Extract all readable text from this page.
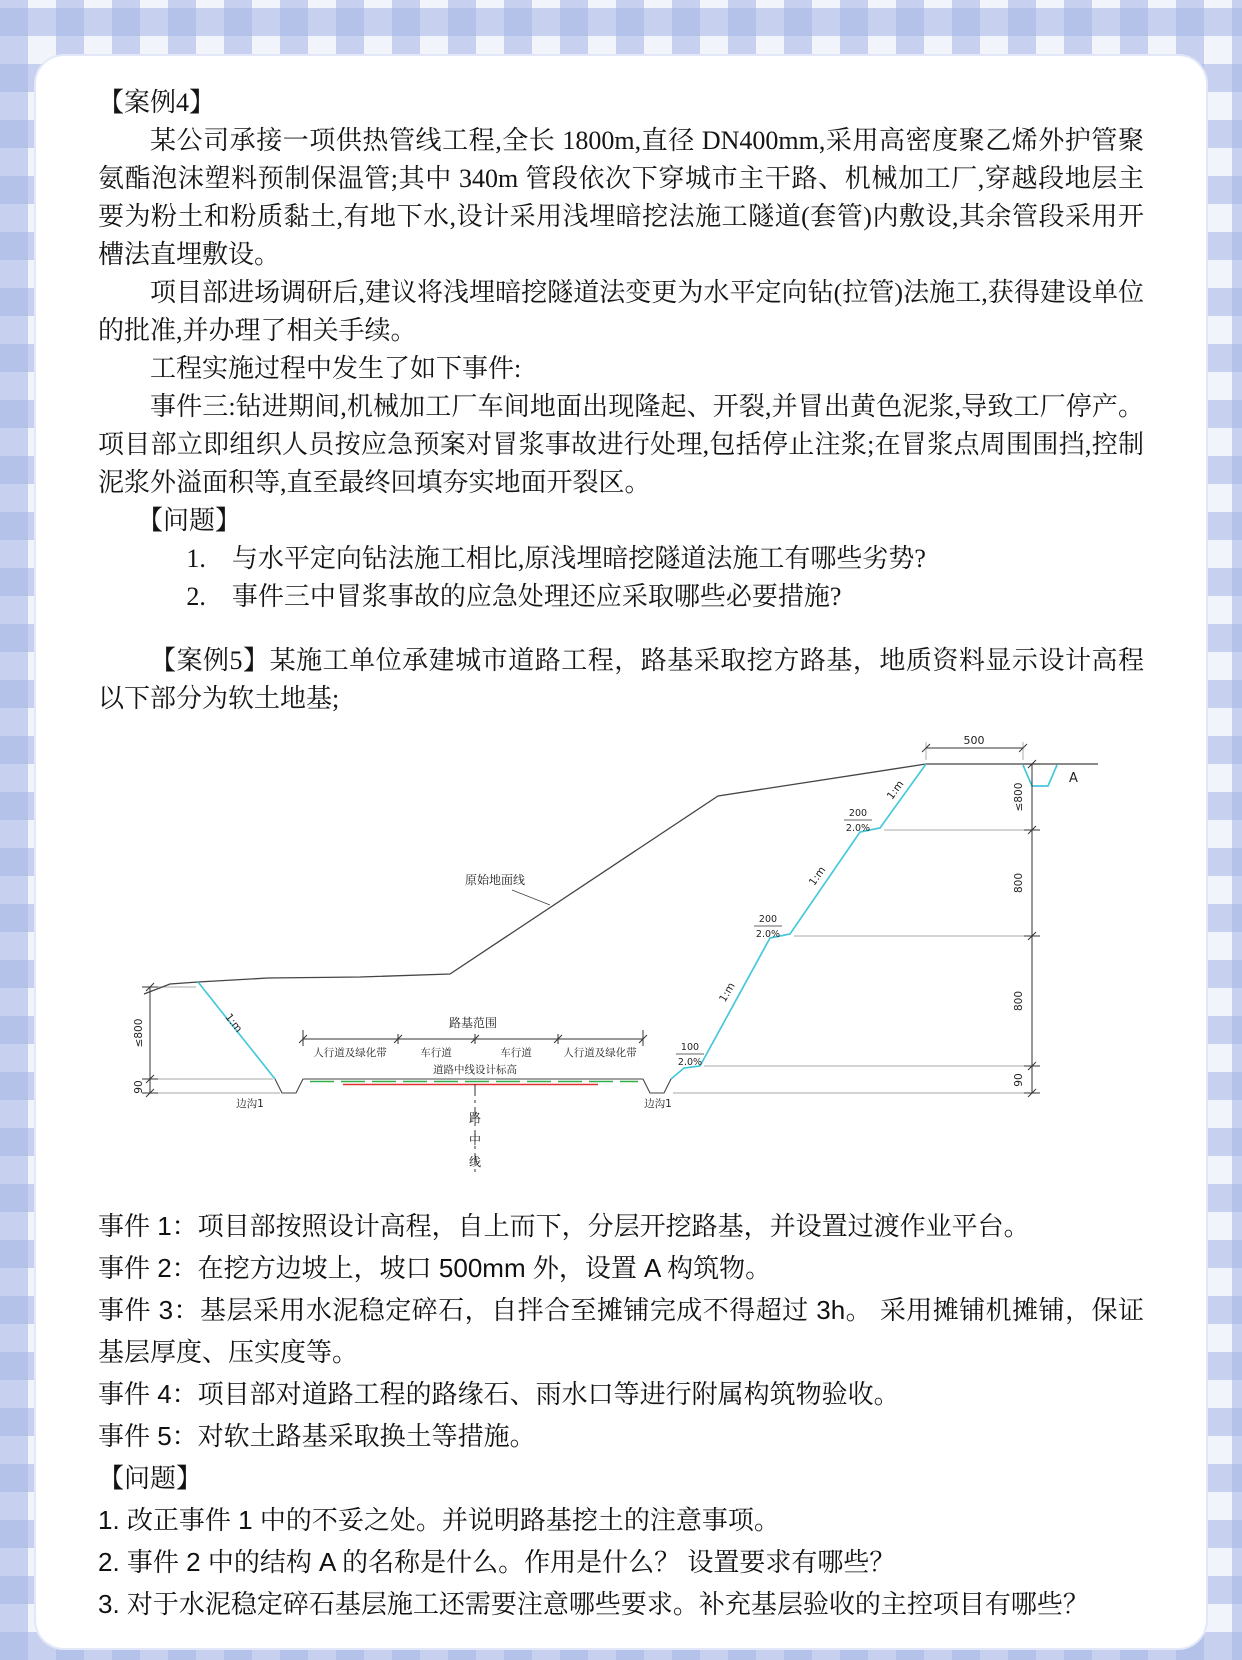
【案例4】

某公司承接一项供热管线工程,全长 1800m,直径 DN400mm,采用高密度聚乙烯外护管聚氨酯泡沫塑料预制保温管;其中 340m 管段依次下穿城市主干路、机械加工厂,穿越段地层主要为粉土和粉质黏土,有地下水,设计采用浅埋暗挖法施工隧道(套管)内敷设,其余管段采用开槽法直埋敷设。

项目部进场调研后,建议将浅埋暗挖隧道法变更为水平定向钻(拉管)法施工,获得建设单位的批准,并办理了相关手续。

工程实施过程中发生了如下事件:

事件三:钻进期间,机械加工厂车间地面出现隆起、开裂,并冒出黄色泥浆,导致工厂停产。项目部立即组织人员按应急预案对冒浆事故进行处理,包括停止注浆;在冒浆点周围围挡,控制泥浆外溢面积等,直至最终回填夯实地面开裂区。

【问题】

1.　与水平定向钻法施工相比,原浅埋暗挖隧道法施工有哪些劣势?

2.　事件三中冒浆事故的应急处理还应采取哪些必要措施?

【案例5】某施工单位承建城市道路工程，路基采取挖方路基，地质资料显示设计高程以下部分为软土地基;

500
A
≤800
800
800
90
≤800
90
200
2.0%
200
2.0%
100
2.0%
1:m
1:m
1:m
1:m
原始地面线
路基范围
人行道及绿化带	车行道	车行道	人行道及绿化带
道路中线设计标高
路
中
线
边沟1	边沟1

事件 1：项目部按照设计高程，自上而下，分层开挖路基，并设置过渡作业平台。

事件 2：在挖方边坡上，坡口 500mm 外，设置 A 构筑物。

事件 3：基层采用水泥稳定碎石，自拌合至摊铺完成不得超过 3h。 采用摊铺机摊铺，保证基层厚度、压实度等。

事件 4：项目部对道路工程的路缘石、雨水口等进行附属构筑物验收。

事件 5：对软土路基采取换土等措施。

【问题】

1. 改正事件 1 中的不妥之处。并说明路基挖土的注意事项。

2. 事件 2 中的结构 A 的名称是什么。作用是什么？ 设置要求有哪些？

3. 对于水泥稳定碎石基层施工还需要注意哪些要求。补充基层验收的主控项目有哪些？
